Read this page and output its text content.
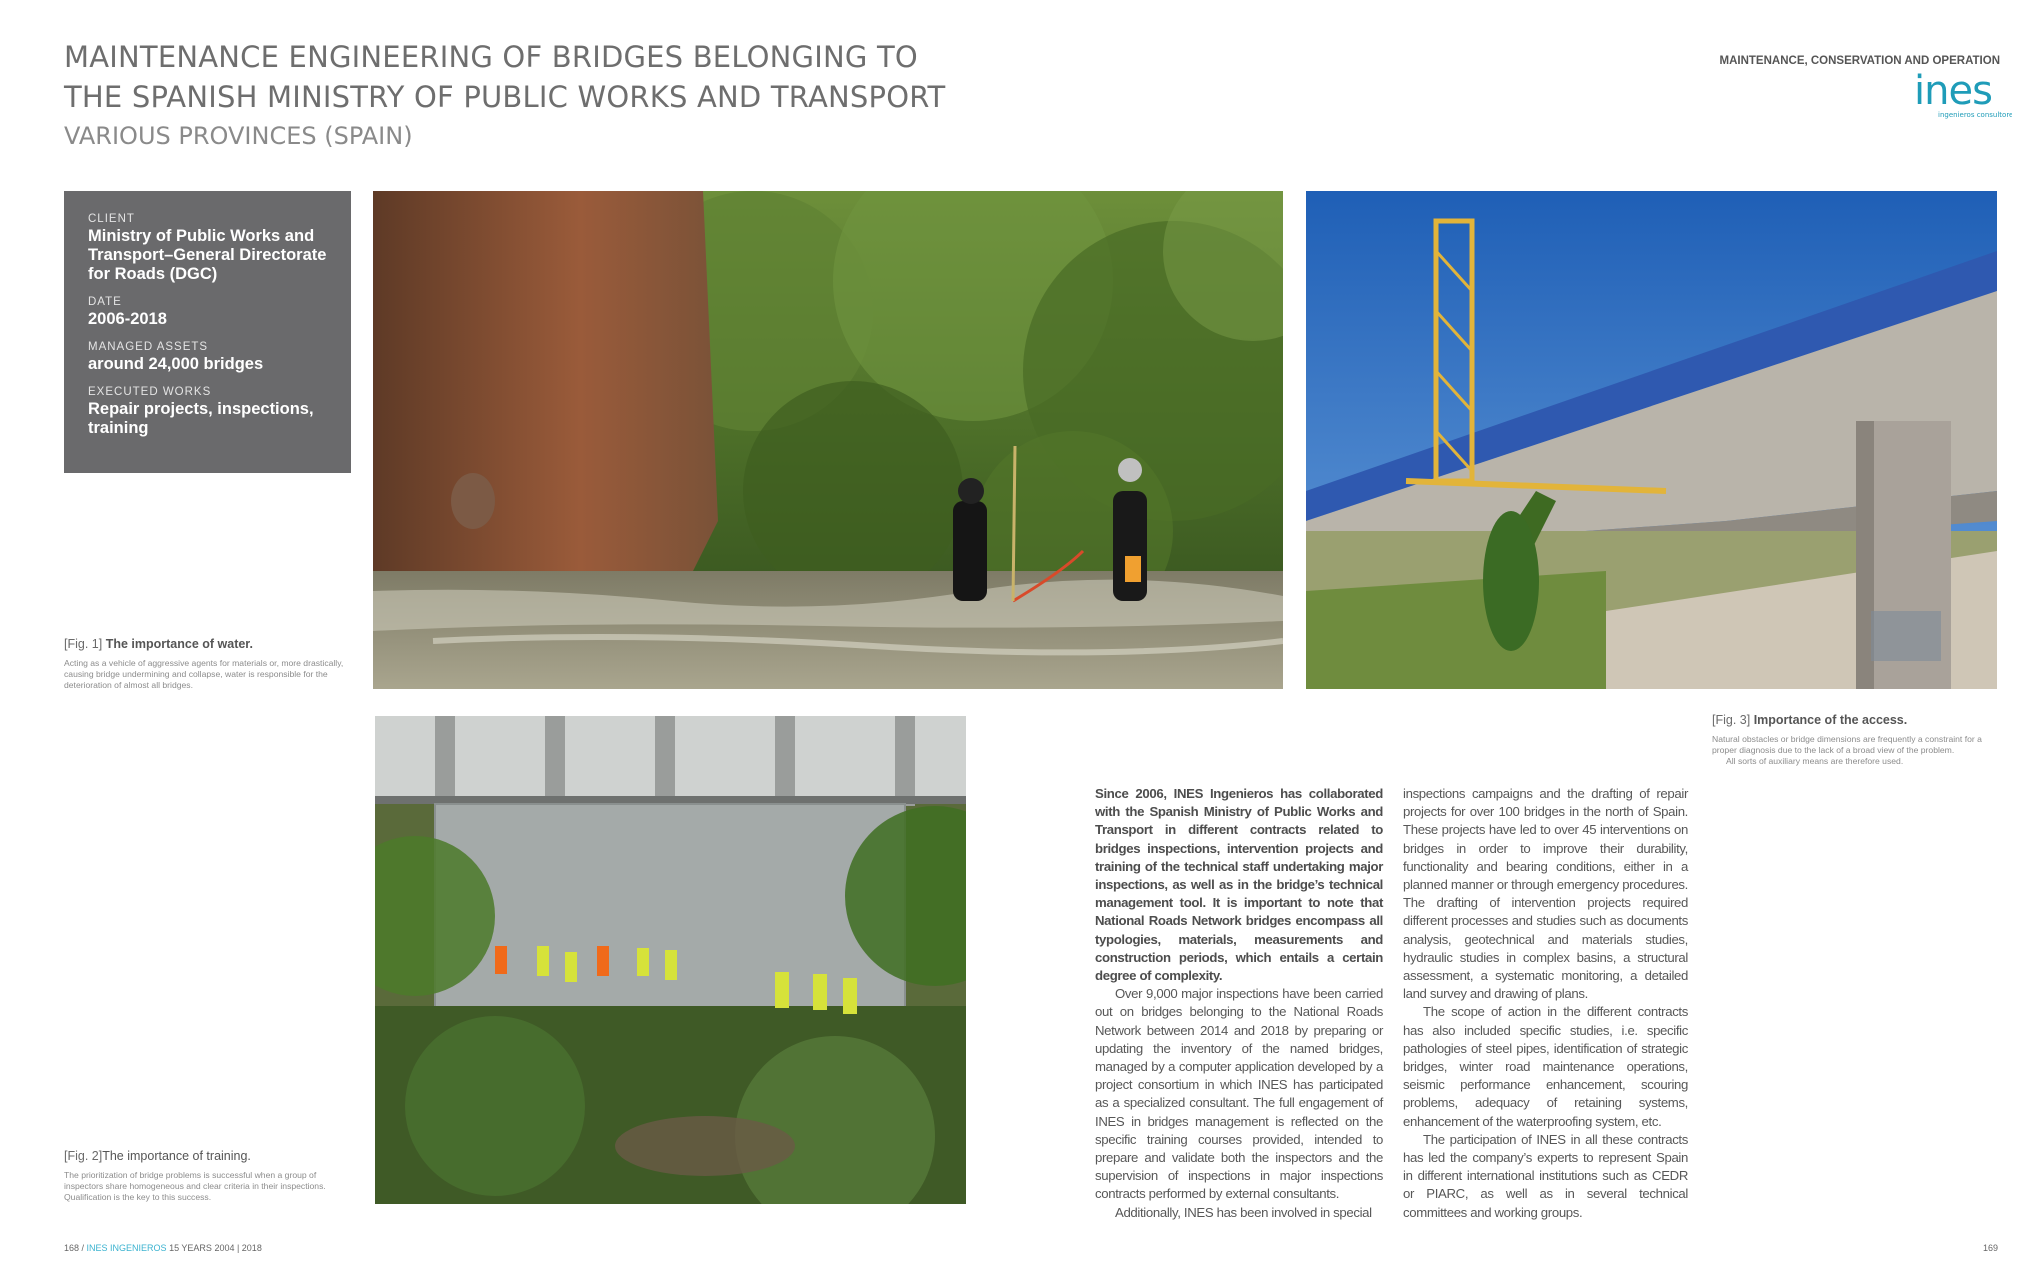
MAINTENANCE ENGINEERING OF BRIDGES BELONGING TO
THE SPANISH MINISTRY OF PUBLIC WORKS AND TRANSPORT
VARIOUS PROVINCES (SPAIN)
MAINTENANCE, CONSERVATION AND OPERATION
ines
ingenieros consultores
CLIENT
Ministry of Public Works and Transport–General Directorate for Roads (DGC)
DATE
2006-2018
MANAGED ASSETS
around 24,000 bridges
EXECUTED WORKS
Repair projects, inspections, training
[Fig. 1] The importance of water.
Acting as a vehicle of aggressive agents for materials or, more drastically, causing bridge undermining and collapse, water is responsible for the deterioration of almost all bridges.
[Fig. 2]The importance of training.
The prioritization of bridge problems is successful when a group of inspectors share homogeneous and clear criteria in their inspections. Qualification is the key to this success.
[Fig. 3] Importance of the access.
Natural obstacles or bridge dimensions are frequently a constraint for a proper diagnosis due to the lack of a broad view of the problem.
All sorts of auxiliary means are therefore used.

Since 2006, INES Ingenieros has collaborated with the Spanish Ministry of Public Works and Transport in different contracts related to bridges inspections, intervention projects and training of the technical staff undertaking major inspections, as well as in the bridge’s technical management tool. It is important to note that National Roads Network bridges encompass all typologies, materials, measurements and construction periods, which entails a certain degree of complexity.

Over 9,000 major inspections have been carried out on bridges belonging to the National Roads Network between 2014 and 2018 by preparing or updating the inventory of the named bridges, managed by a computer application developed by a project consortium in which INES has participated as a specialized consultant. The full engagement of INES in bridges management is reflected on the specific training courses provided, intended to prepare and validate both the inspectors and the supervision of inspections in major inspections contracts performed by external consultants.

Additionally, INES has been involved in special

inspections campaigns and the drafting of repair projects for over 100 bridges in the north of Spain. These projects have led to over 45 interventions on bridges in order to improve their durability, functionality and bearing conditions, either in a planned manner or through emergency procedures. The drafting of intervention projects required different processes and studies such as documents analysis, geotechnical and materials studies, hydraulic studies in complex basins, a structural assessment, a systematic monitoring, a detailed land survey and drawing of plans.

The scope of action in the different contracts has also included specific studies, i.e. specific pathologies of steel pipes, identification of strategic bridges, winter road maintenance operations, seismic performance enhancement, scouring problems, adequacy of retaining systems, enhancement of the waterproofing system, etc.

The participation of INES in all these contracts has led the company’s experts to represent Spain in different international institutions such as CEDR or PIARC, as well as in several technical committees and working groups.

168 / INES INGENIEROS 15 YEARS 2004 | 2018	169
